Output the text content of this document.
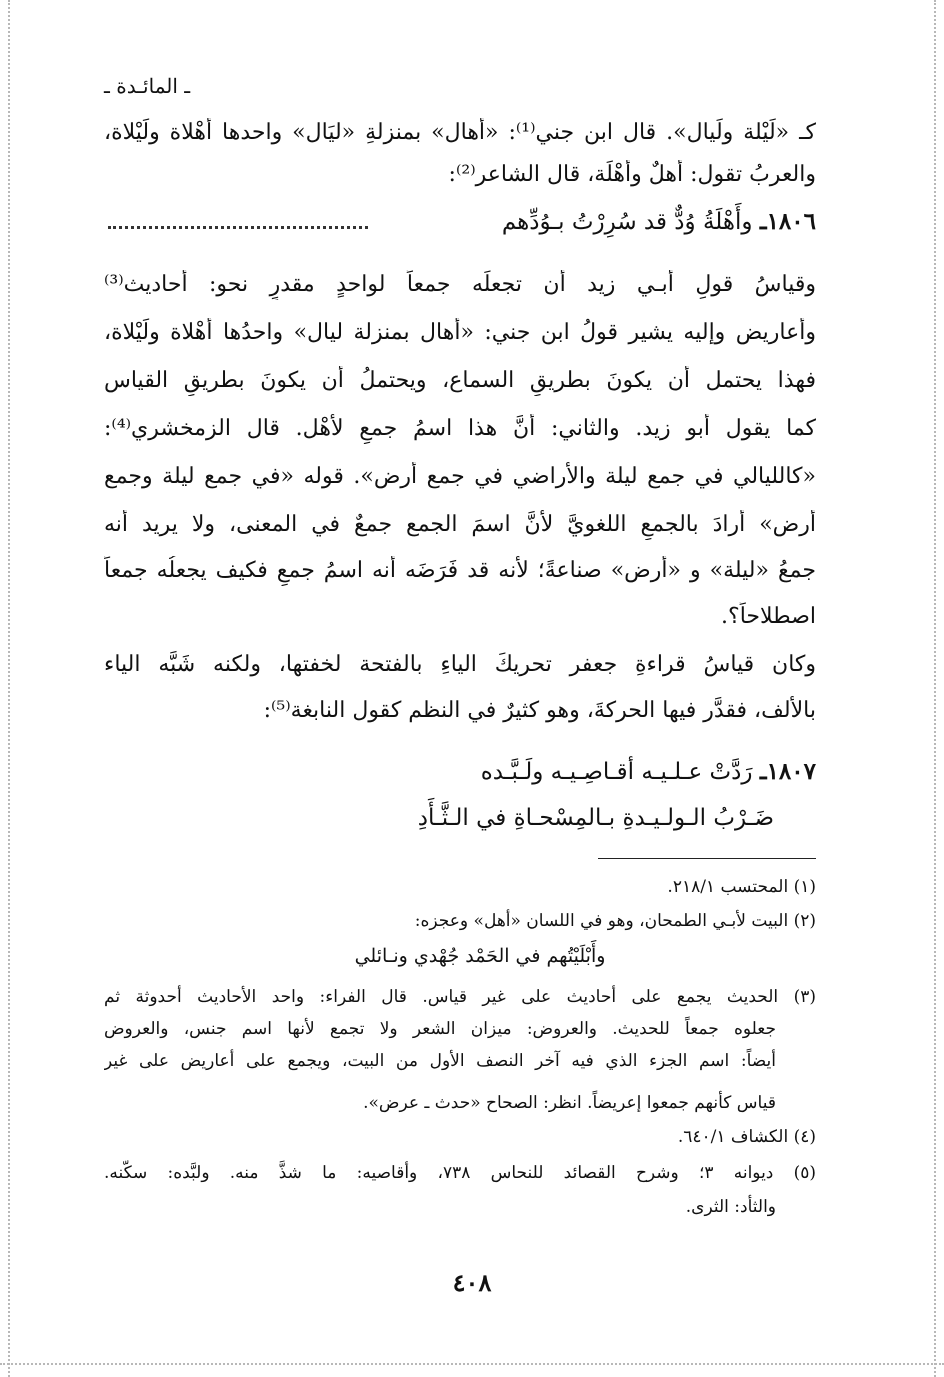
ـ المائـدة ـ
كـ «لَيْلة ولَيال». قال ابن جني⁽¹⁾: «أهال» بمنزلةِ «ليَال» واحدها أَهْلاة ولَيْلاة،
والعربُ تقول: أهلٌ وأَهْلَة، قال الشاعر⁽²⁾:
١٨٠٦ـ وأَهْلَةُ وُدٌّ قد سُرِرْتُ بـوُدِّهم
وقياسُ قولِ أبـي زيد أن تجعلَه جمعاً لواحدٍ مقدرٍ نحو: أحاديث⁽³⁾
وأعاريض وإليه يشير قولُ ابن جني: «أهال بمنزلة ليال» واحدُها أَهْلاة ولَيْلاة،
فهذا يحتمل أن يكونَ بطريقِ السماع، ويحتملُ أن يكونَ بطريقِ القياس
كما يقول أبو زيد. والثاني: أنَّ هذا اسمُ جمعٍ لأَهْل. قال الزمخشري⁽⁴⁾:
«كالليالي في جمع ليلة والأراضي في جمع أرض». قوله «في جمع ليلة وجمع
أرض» أرادَ بالجمعِ اللغويَّ لأنَّ اسمَ الجمع جمعٌ في المعنى، ولا يريد أنه
جمعُ «ليلة» و «أرض» صناعةً؛ لأنه قد فَرَضَه أنه اسمُ جمعٍ فكيف يجعلُه جمعاً
اصطلاحاً؟.
وكان قياسُ قراءةِ جعفر تحريكَ الياءِ بالفتحة لخفتها، ولكنه شَبَّه الياء
بالألف، فقدَّر فيها الحركةَ، وهو كثيرٌ في النظم كقول النابغة⁽⁵⁾:
١٨٠٧ـ رَدَّتْ عـلـيـه أقـاصِـيـه ولَـبَّـده
ضَـرْبُ الـولـيـدةِ بـالمِسْحـاةِ في الـثَّـأَدِ
(١) المحتسب ٢١٨/١.
(٢) البيت لأبـي الطمحان، وهو في اللسان «أهل» وعجزه:
وأَبْلَيْتُهم في الحَمْد جُهْدي ونـائلي
(٣) الحديث يجمع على أحاديث على غير قياس. قال الفراء: واحد الأحاديث أحدوثة ثم
جعلوه جمعاً للحديث. والعروض: ميزان الشعر ولا تجمع لأنها اسم جنس، والعروض
أيضاً: اسم الجزء الذي فيه آخر النصف الأول من البيت، ويجمع على أعاريض على غير
قياس كأنهم جمعوا إعريضاً. انظر: الصحاح «حدث ـ عرض».
(٤) الكشاف ٦٤٠/١.
(٥) ديوانه ٣؛ وشرح القصائد للنحاس ٧٣٨، وأقاصيه: ما شذَّ منه. ولبَّده: سكَّنه.
والثأد: الثرى.
٤٠٨
